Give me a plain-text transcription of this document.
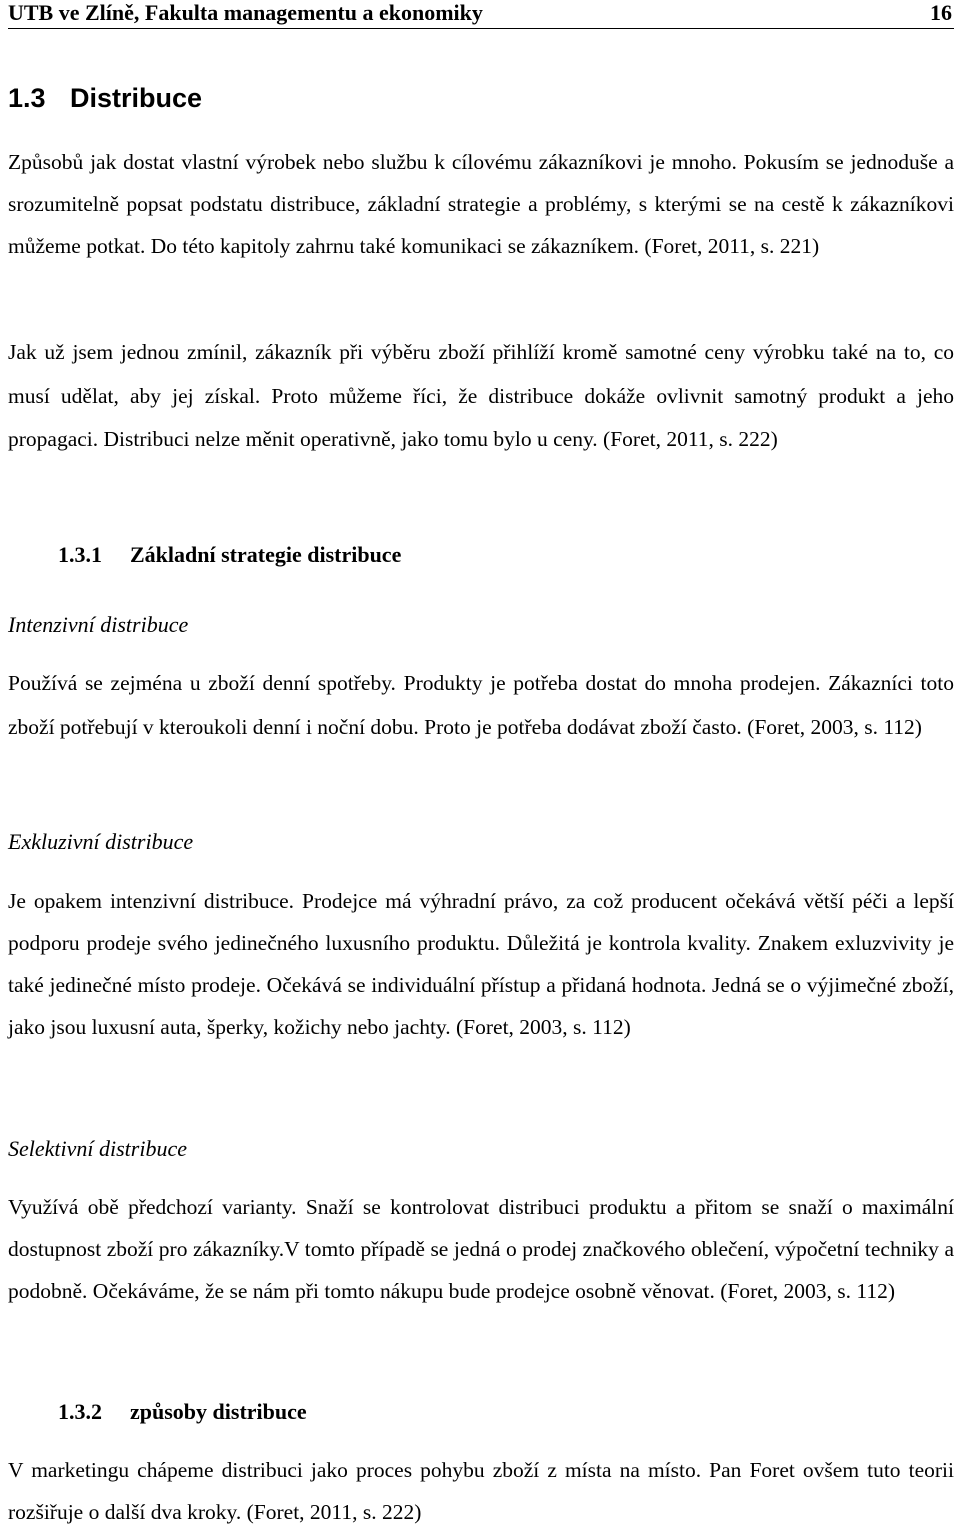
UTB ve Zlíně, Fakulta managementu a ekonomiky	16
1.3 Distribuce
Způsobů jak dostat vlastní výrobek nebo službu k cílovému zákazníkovi je mnoho. Pokusím se jednoduše a srozumitelně popsat podstatu distribuce, základní strategie a problémy, s kterými se na cestě k zákazníkovi můžeme potkat. Do této kapitoly zahrnu také komunikaci se zákazníkem. (Foret, 2011, s. 221)
Jak už jsem jednou zmínil, zákazník při výběru zboží přihlíží kromě samotné ceny výrobku také na to, co musí udělat, aby jej získal. Proto můžeme říci, že distribuce dokáže ovlivnit samotný produkt a jeho propagaci. Distribuci nelze měnit operativně, jako tomu bylo u ceny. (Foret, 2011, s. 222)
1.3.1 Základní strategie distribuce
Intenzivní distribuce
Používá se zejména u zboží denní spotřeby. Produkty je potřeba dostat do mnoha prodejen. Zákazníci toto zboží potřebují v kteroukoli denní i noční dobu. Proto je potřeba dodávat zboží často. (Foret, 2003, s. 112)
Exkluzivní distribuce
Je opakem intenzivní distribuce. Prodejce má výhradní právo, za což producent očekává větší péči a lepší podporu prodeje svého jedinečného luxusního produktu. Důležitá je kontrola kvality. Znakem exluzvivity je také jedinečné místo prodeje. Očekává se individuální přístup a přidaná hodnota. Jedná se o výjimečné zboží, jako jsou luxusní auta, šperky, kožichy nebo jachty. (Foret, 2003, s. 112)
Selektivní distribuce
Využívá obě předchozí varianty. Snaží se kontrolovat distribuci produktu a přitom se snaží o maximální dostupnost zboží pro zákazníky.V tomto případě se jedná o prodej značkového oblečení, výpočetní techniky a podobně. Očekáváme, že se nám při tomto nákupu bude prodejce osobně věnovat. (Foret, 2003, s. 112)
1.3.2 způsoby distribuce
V marketingu chápeme distribuci jako proces pohybu zboží z místa na místo. Pan Foret ovšem tuto teorii rozšiřuje o další dva kroky. (Foret, 2011, s. 222)
